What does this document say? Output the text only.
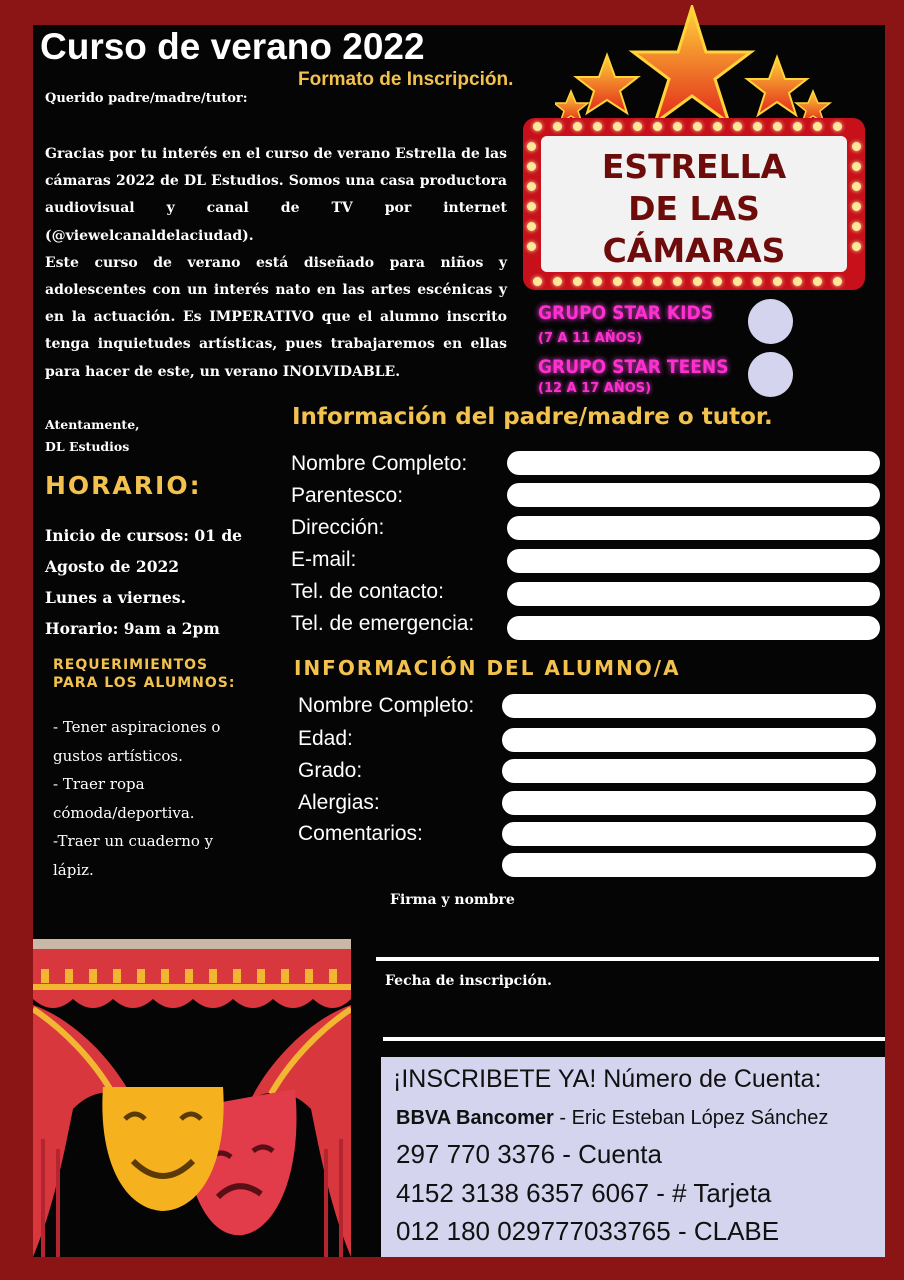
Curso de verano 2022
Formato de Inscripción.
Querido padre/madre/tutor:

Gracias por tu interés en el curso de verano Estrella de las cámaras 2022 de DL Estudios. Somos una casa productora audiovisual y canal de TV por internet (@viewelcanaldelaciudad).

Este curso de verano está diseñado para niños y adolescentes con un interés nato en las artes escénicas y en la actuación. Es IMPERATIVO que el alumno inscrito tenga inquietudes artísticas, pues trabajaremos en ellas para hacer de este, un verano INOLVIDABLE.

Atentamente,
DL Estudios
ESTRELLA
DE LAS
CÁMARAS
GRUPO STAR KIDS
(7 A 11 AÑOS)
GRUPO STAR TEENS
(12 A 17 AÑOS)
HORARIO:
Inicio de cursos: 01 de
Agosto de 2022
Lunes a viernes.
Horario: 9am a 2pm
REQUERIMIENTOS
PARA LOS ALUMNOS:
- Tener aspiraciones o
gustos artísticos.
- Traer ropa
cómoda/deportiva.
-Traer un cuaderno y
lápiz.
Información del padre/madre o tutor.
Nombre Completo:
Parentesco:
Dirección:
E-mail:
Tel. de contacto:
Tel. de emergencia:
INFORMACIÓN DEL ALUMNO/A
Nombre Completo:
Edad:
Grado:
Alergias:
Comentarios:
Firma y nombre
Fecha de inscripción.
¡INSCRIBETE YA! Número de Cuenta:
BBVA Bancomer - Eric Esteban López Sánchez
297 770 3376 - Cuenta
4152 3138 6357 6067 - # Tarjeta
012 180 029777033765 - CLABE
